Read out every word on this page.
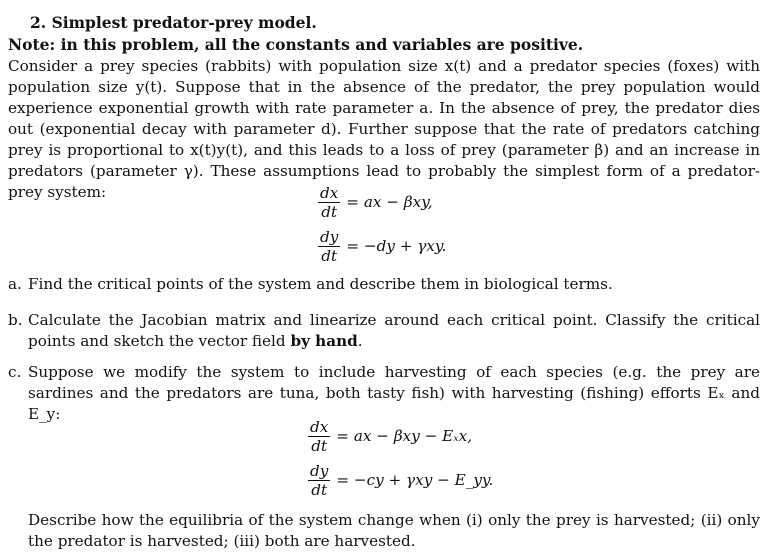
2. Simplest predator-prey model.
Note: in this problem, all the constants and variables are positive.
Consider a prey species (rabbits) with population size x(t) and a predator species (foxes) with population size y(t). Suppose that in the absence of the predator, the prey population would experience exponential growth with rate parameter a. In the absence of prey, the predator dies out (exponential decay with parameter d). Further suppose that the rate of predators catching prey is proportional to x(t)y(t), and this leads to a loss of prey (parameter β) and an increase in predators (parameter γ). These assumptions lead to probably the simplest form of a predator-prey system:	$\frac{dx}{dt}$ = ax − βxy,
$\frac{dy}{dt} = -dy + \gamma xy$.
a. Find the critical points of the system and describe them in biological terms.
b. Calculate the Jacobian matrix and linearize around each critical point. Classify the critical points and sketch the vector field by hand.
c. Suppose we modify the system to include harvesting of each species (e.g. the prey are sardines and the predators are tuna, both tasty fish) with harvesting (fishing) efforts Eₓ and E_y:
$\frac{dx}{dt}$ = ax − βxy − Eₓx,
$\frac{dy}{dt} = -cy + \gamma xy$ − E_yy.
Describe how the equilibria of the system change when (i) only the prey is harvested; (ii) only the predator is harvested; (iii) both are harvested.
